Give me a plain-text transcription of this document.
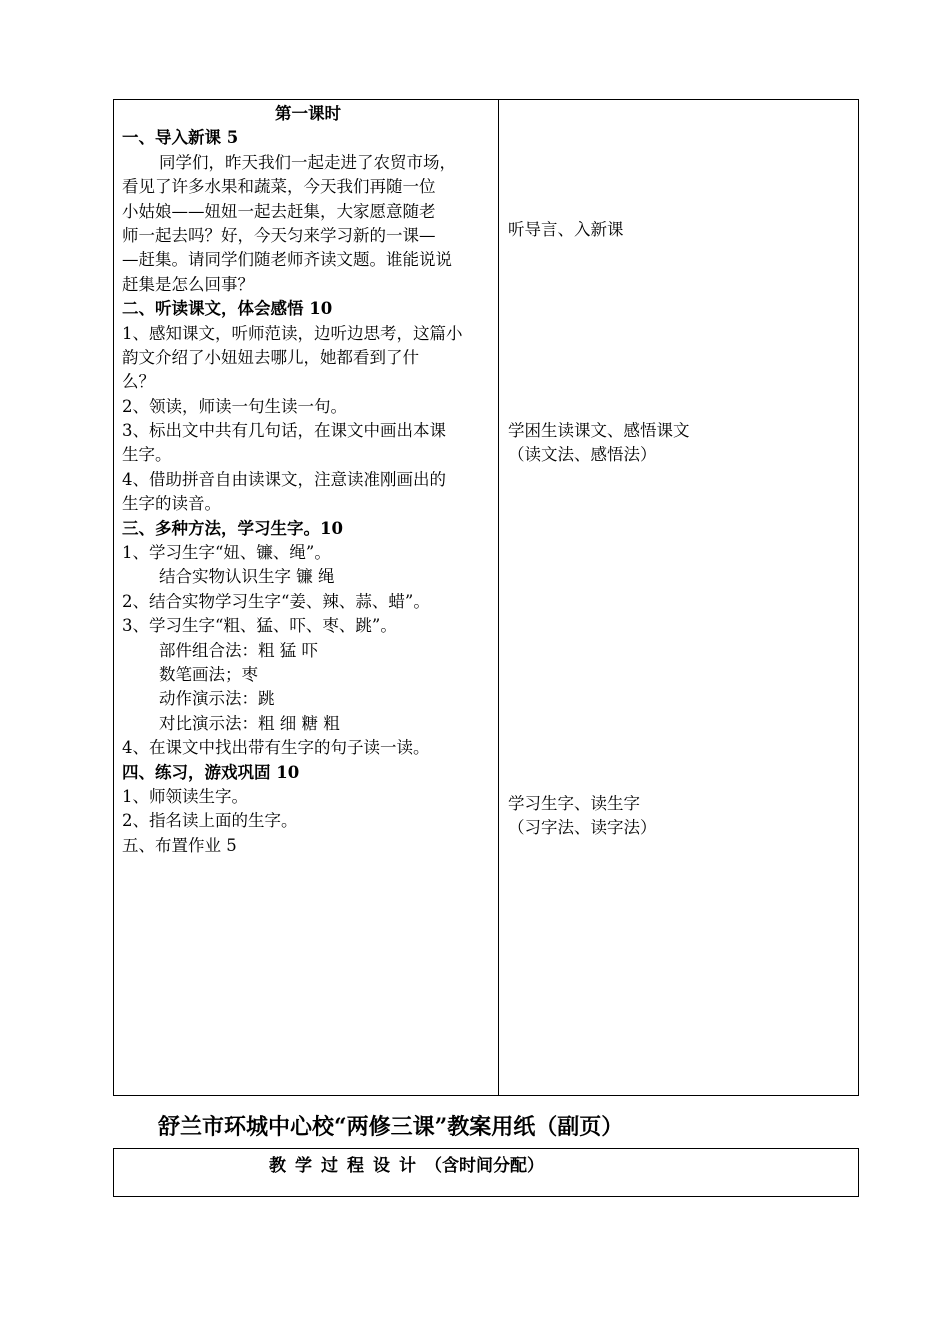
第一课时
一、导入新课 5
同学们，昨天我们一起走进了农贸市场，
看见了许多水果和蔬菜，今天我们再随一位
小姑娘——妞妞一起去赶集，大家愿意随老
师一起去吗？好，今天匀来学习新的一课—
—赶集。请同学们随老师齐读文题。谁能说说
赶集是怎么回事？
二、听读课文，体会感悟 10
1、感知课文，听师范读，边听边思考，这篇小
韵文介绍了小妞妞去哪儿，她都看到了什
么？
2、领读，师读一句生读一句。
3、标出文中共有几句话，在课文中画出本课
生字。
4、借助拼音自由读课文，注意读准刚画出的
生字的读音。
三、多种方法，学习生字。10
1、学习生字“妞、镰、绳”。
结合实物认识生字 镰 绳
2、结合实物学习生字“姜、辣、蒜、蜡”。
3、学习生字“粗、猛、吓、枣、跳”。
部件组合法：粗 猛 吓
数笔画法；枣
动作演示法：跳
对比演示法：粗 细 糖 粗
4、在课文中找出带有生字的句子读一读。
四、练习，游戏巩固 10
1、师领读生字。
2、指名读上面的生字。
五、布置作业 5
听导言、入新课
学困生读课文、感悟课文
（读文法、感悟法）
学习生字、读生字
（习字法、读字法）
舒兰市环城中心校“两修三课”教案用纸（副页）
教学过程设计（含时间分配）
